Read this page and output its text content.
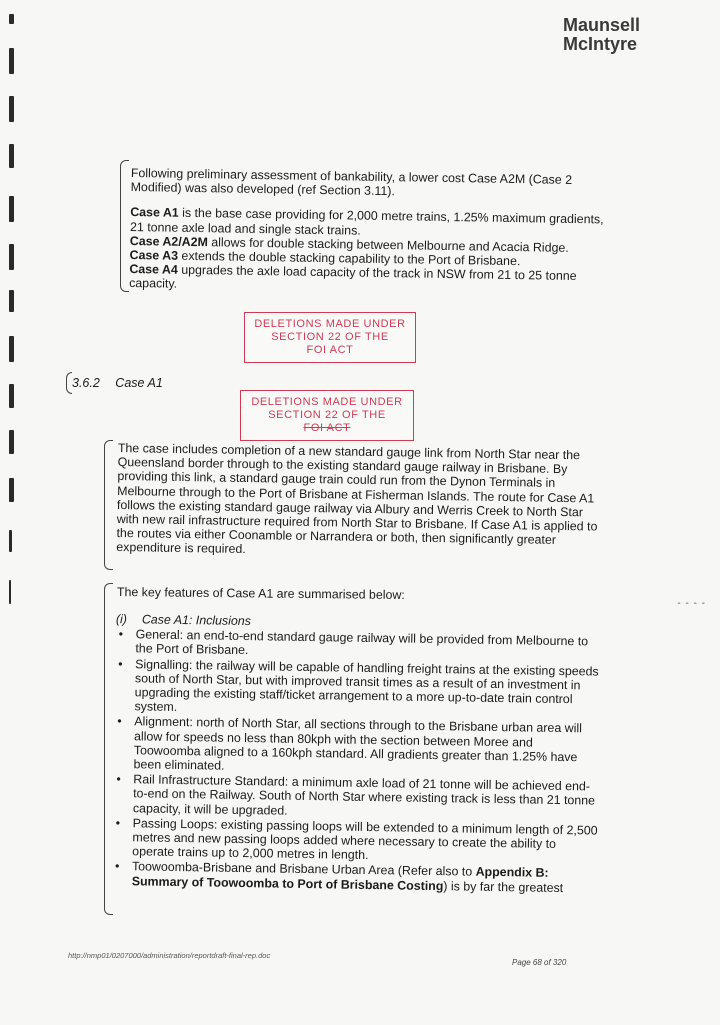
Maunsell
McIntyre
Following preliminary assessment of bankability, a lower cost Case A2M (Case 2 Modified) was also developed (ref Section 3.11).
Case A1 is the base case providing for 2,000 metre trains, 1.25% maximum gradients, 21 tonne axle load and single stack trains.
Case A2/A2M allows for double stacking between Melbourne and Acacia Ridge.
Case A3 extends the double stacking capability to the Port of Brisbane.
Case A4 upgrades the axle load capacity of the track in NSW from 21 to 25 tonne capacity.
DELETIONS MADE UNDER
SECTION 22 OF THE
FOI ACT
3.6.2 Case A1
DELETIONS MADE UNDER
SECTION 22 OF THE
FOI ACT
The case includes completion of a new standard gauge link from North Star near the Queensland border through to the existing standard gauge railway in Brisbane. By providing this link, a standard gauge train could run from the Dynon Terminals in Melbourne through to the Port of Brisbane at Fisherman Islands. The route for Case A1 follows the existing standard gauge railway via Albury and Werris Creek to North Star with new rail infrastructure required from North Star to Brisbane. If Case A1 is applied to the routes via either Coonamble or Narrandera or both, then significantly greater expenditure is required.
The key features of Case A1 are summarised below:
(i) Case A1: Inclusions
• General: an end-to-end standard gauge railway will be provided from Melbourne to the Port of Brisbane.
• Signalling: the railway will be capable of handling freight trains at the existing speeds south of North Star, but with improved transit times as a result of an investment in upgrading the existing staff/ticket arrangement to a more up-to-date train control system.
• Alignment: north of North Star, all sections through to the Brisbane urban area will allow for speeds no less than 80kph with the section between Moree and Toowoomba aligned to a 160kph standard. All gradients greater than 1.25% have been eliminated.
• Rail Infrastructure Standard: a minimum axle load of 21 tonne will be achieved end-to-end on the Railway. South of North Star where existing track is less than 21 tonne capacity, it will be upgraded.
• Passing Loops: existing passing loops will be extended to a minimum length of 2,500 metres and new passing loops added where necessary to create the ability to operate trains up to 2,000 metres in length.
• Toowoomba-Brisbane and Brisbane Urban Area (Refer also to Appendix B: Summary of Toowoomba to Port of Brisbane Costing) is by far the greatest
- - - -
http://nmp01/0207000/administration/reportdraft-final-rep.doc
Page 68 of 320
